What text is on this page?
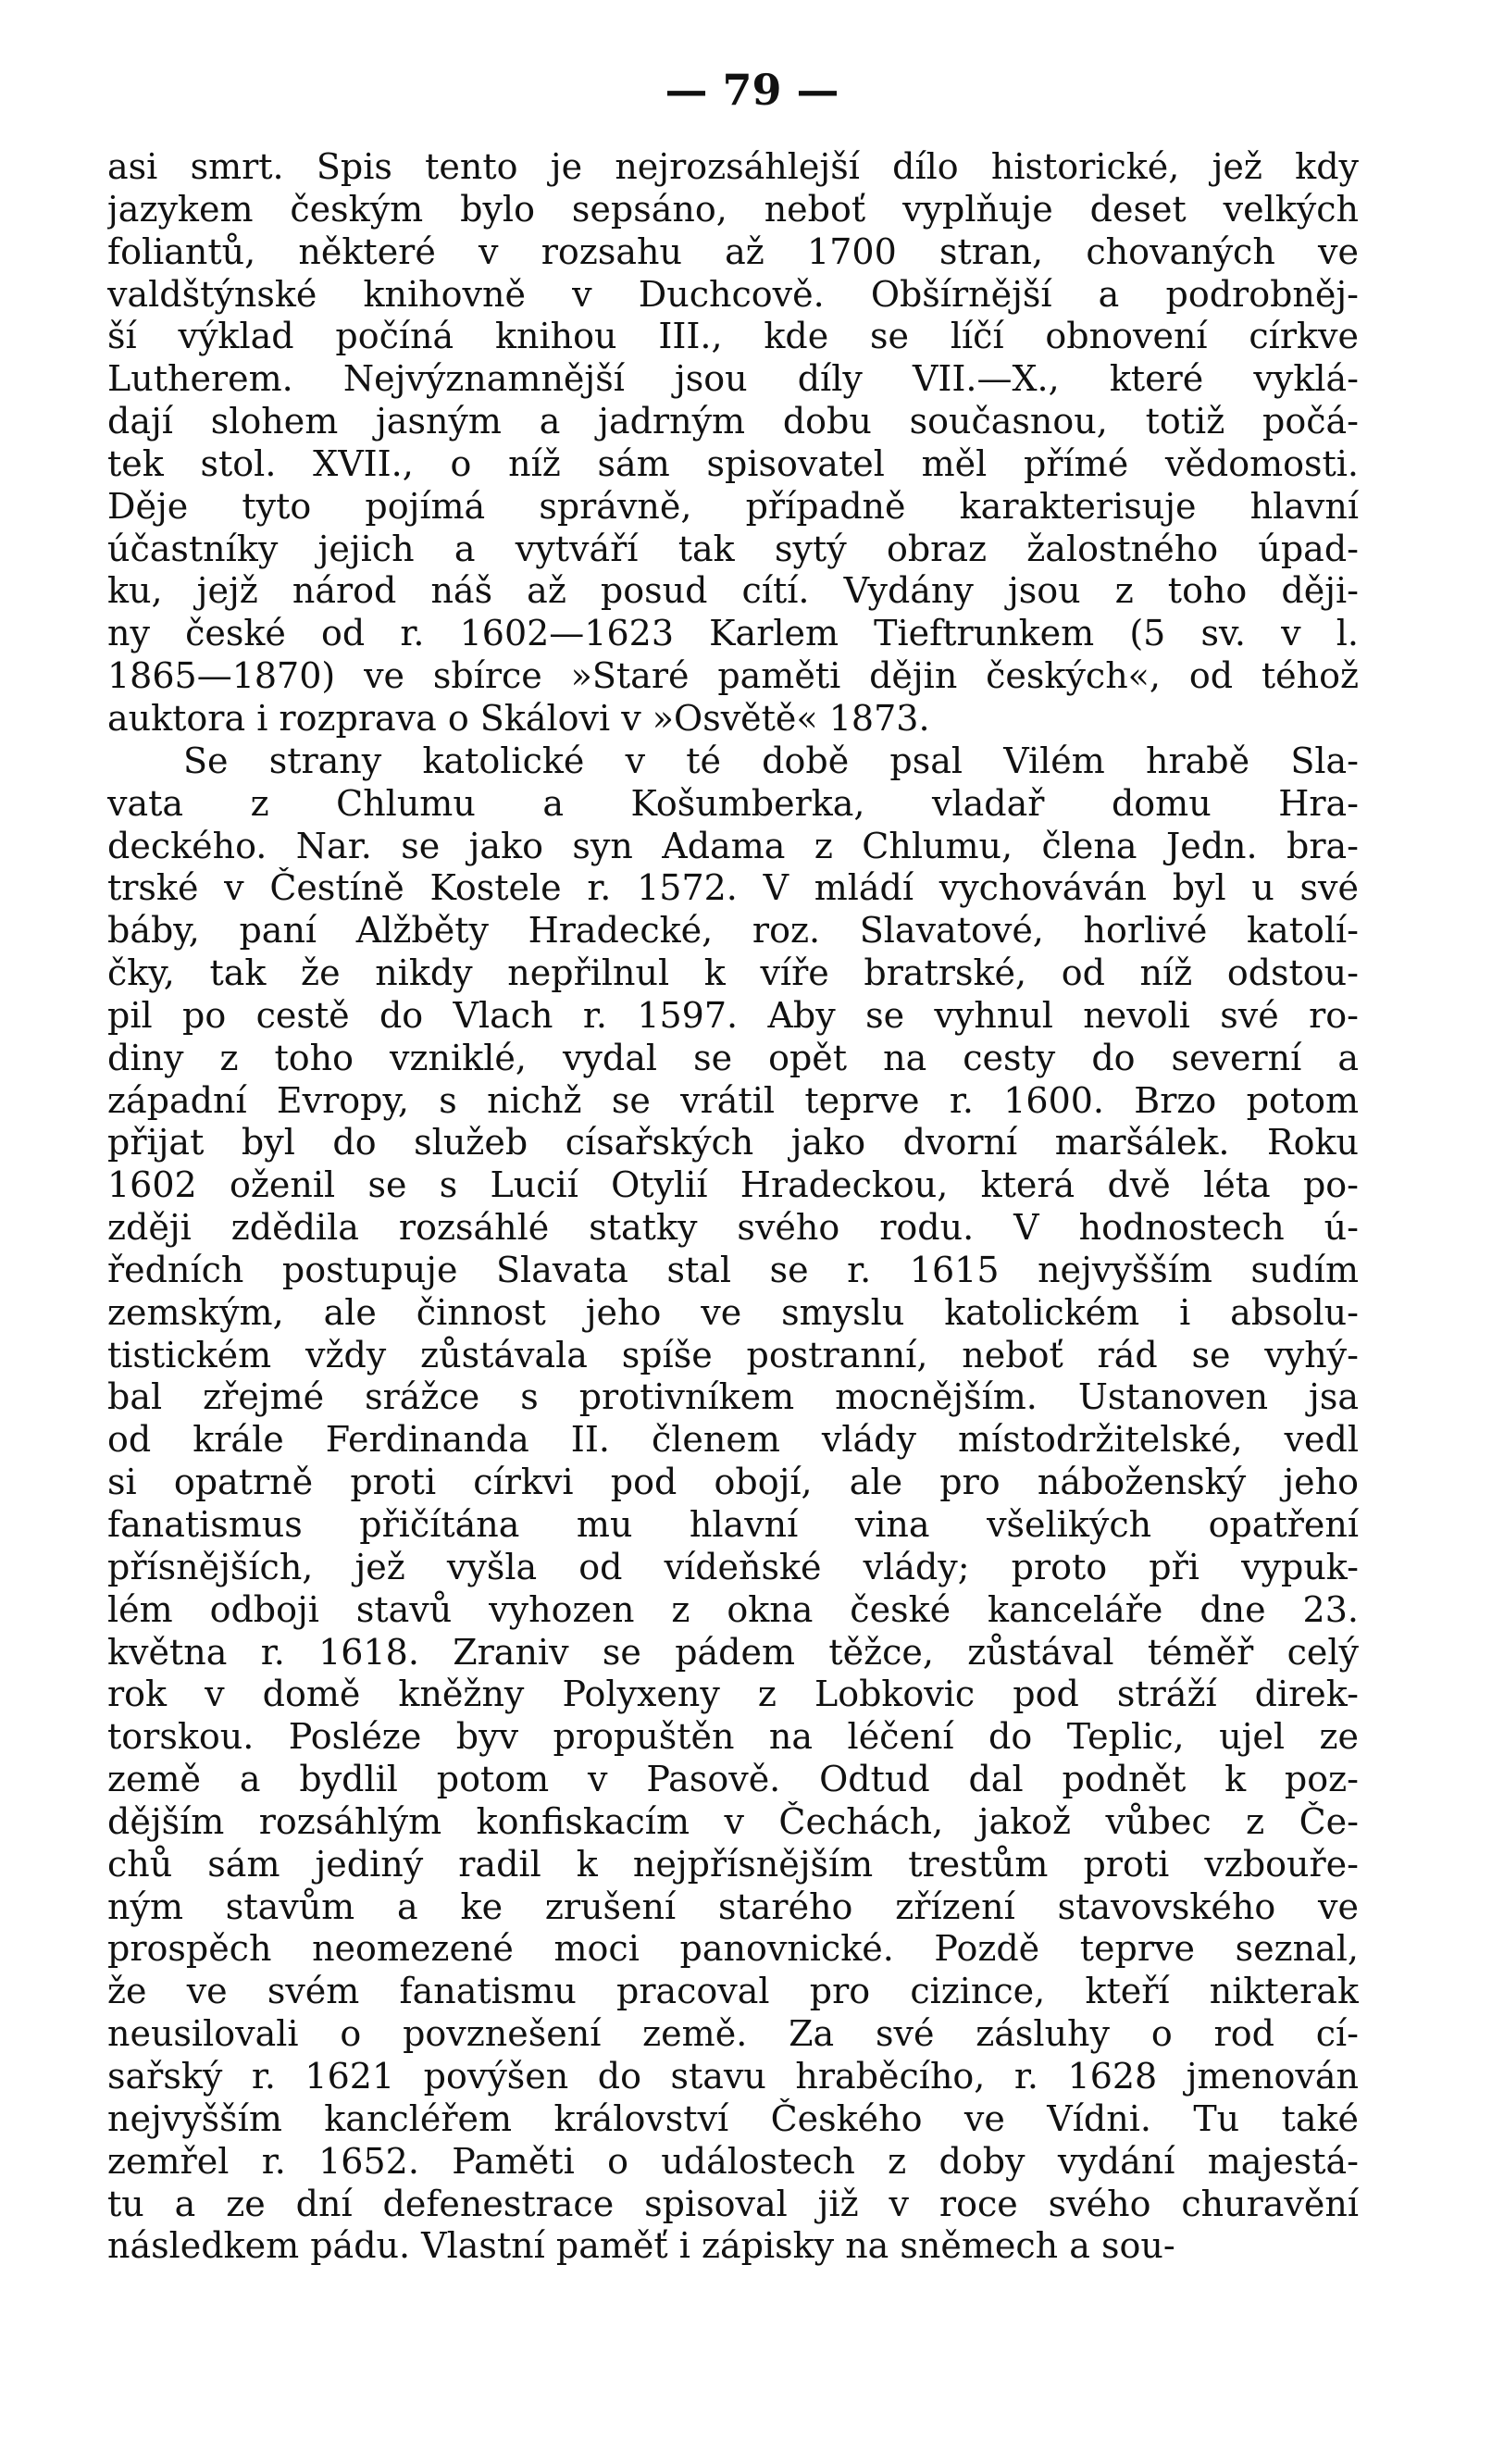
— 79 —
asi smrt. Spis tento je nejrozsáhlejší dílo historické, jež kdy
jazykem českým bylo sepsáno, neboť vyplňuje deset velkých
foliantů, některé v rozsahu až 1700 stran, chovaných ve
valdštýnské knihovně v Duchcově. Obšírnější a podrobněj-
ší výklad počíná knihou III., kde se líčí obnovení církve
Lutherem. Nejvýznamnější jsou díly VII.—X., které vyklá-
dají slohem jasným a jadrným dobu současnou, totiž počá-
tek stol. XVII., o níž sám spisovatel měl přímé vědomosti.
Děje tyto pojímá správně, případně karakterisuje hlavní
účastníky jejich a vytváří tak sytý obraz žalostného úpad-
ku, jejž národ náš až posud cítí. Vydány jsou z toho ději-
ny české od r. 1602—1623 Karlem Tieftrunkem (5 sv. v l.
1865—1870) ve sbírce »Staré paměti dějin českých«, od téhož
auktora i rozprava o Skálovi v »Osvětě« 1873.
Se strany katolické v té době psal Vilém hrabě Sla-
vata z Chlumu a Košumberka, vladař domu Hra-
deckého. Nar. se jako syn Adama z Chlumu, člena Jedn. bra-
trské v Čestíně Kostele r. 1572. V mládí vychováván byl u své
báby, paní Alžběty Hradecké, roz. Slavatové, horlivé katolí-
čky, tak že nikdy nepřilnul k víře bratrské, od níž odstou-
pil po cestě do Vlach r. 1597. Aby se vyhnul nevoli své ro-
diny z toho vzniklé, vydal se opět na cesty do severní a
západní Evropy, s nichž se vrátil teprve r. 1600. Brzo potom
přijat byl do služeb císařských jako dvorní maršálek. Roku
1602 oženil se s Lucií Otylií Hradeckou, která dvě léta po-
zději zdědila rozsáhlé statky svého rodu. V hodnostech ú-
ředních postupuje Slavata stal se r. 1615 nejvyšším sudím
zemským, ale činnost jeho ve smyslu katolickém i absolu-
tistickém vždy zůstávala spíše postranní, neboť rád se vyhý-
bal zřejmé srážce s protivníkem mocnějším. Ustanoven jsa
od krále Ferdinanda II. členem vlády místodržitelské, vedl
si opatrně proti církvi pod obojí, ale pro náboženský jeho
fanatismus přičítána mu hlavní vina všelikých opatření
přísnějších, jež vyšla od vídeňské vlády; proto při vypuk-
lém odboji stavů vyhozen z okna české kanceláře dne 23.
května r. 1618. Zraniv se pádem těžce, zůstával téměř celý
rok v domě kněžny Polyxeny z Lobkovic pod stráží direk-
torskou. Posléze byv propuštěn na léčení do Teplic, ujel ze
země a bydlil potom v Pasově. Odtud dal podnět k poz-
dějším rozsáhlým konfiskacím v Čechách, jakož vůbec z Če-
chů sám jediný radil k nejpřísnějším trestům proti vzbouře-
ným stavům a ke zrušení starého zřízení stavovského ve
prospěch neomezené moci panovnické. Pozdě teprve seznal,
že ve svém fanatismu pracoval pro cizince, kteří nikterak
neusilovali o povznešení země. Za své zásluhy o rod cí-
sařský r. 1621 povýšen do stavu hraběcího, r. 1628 jmenován
nejvyšším kancléřem království Českého ve Vídni. Tu také
zemřel r. 1652. Paměti o událostech z doby vydání majestá-
tu a ze dní defenestrace spisoval již v roce svého churavění
následkem pádu. Vlastní paměť i zápisky na sněmech a sou-
